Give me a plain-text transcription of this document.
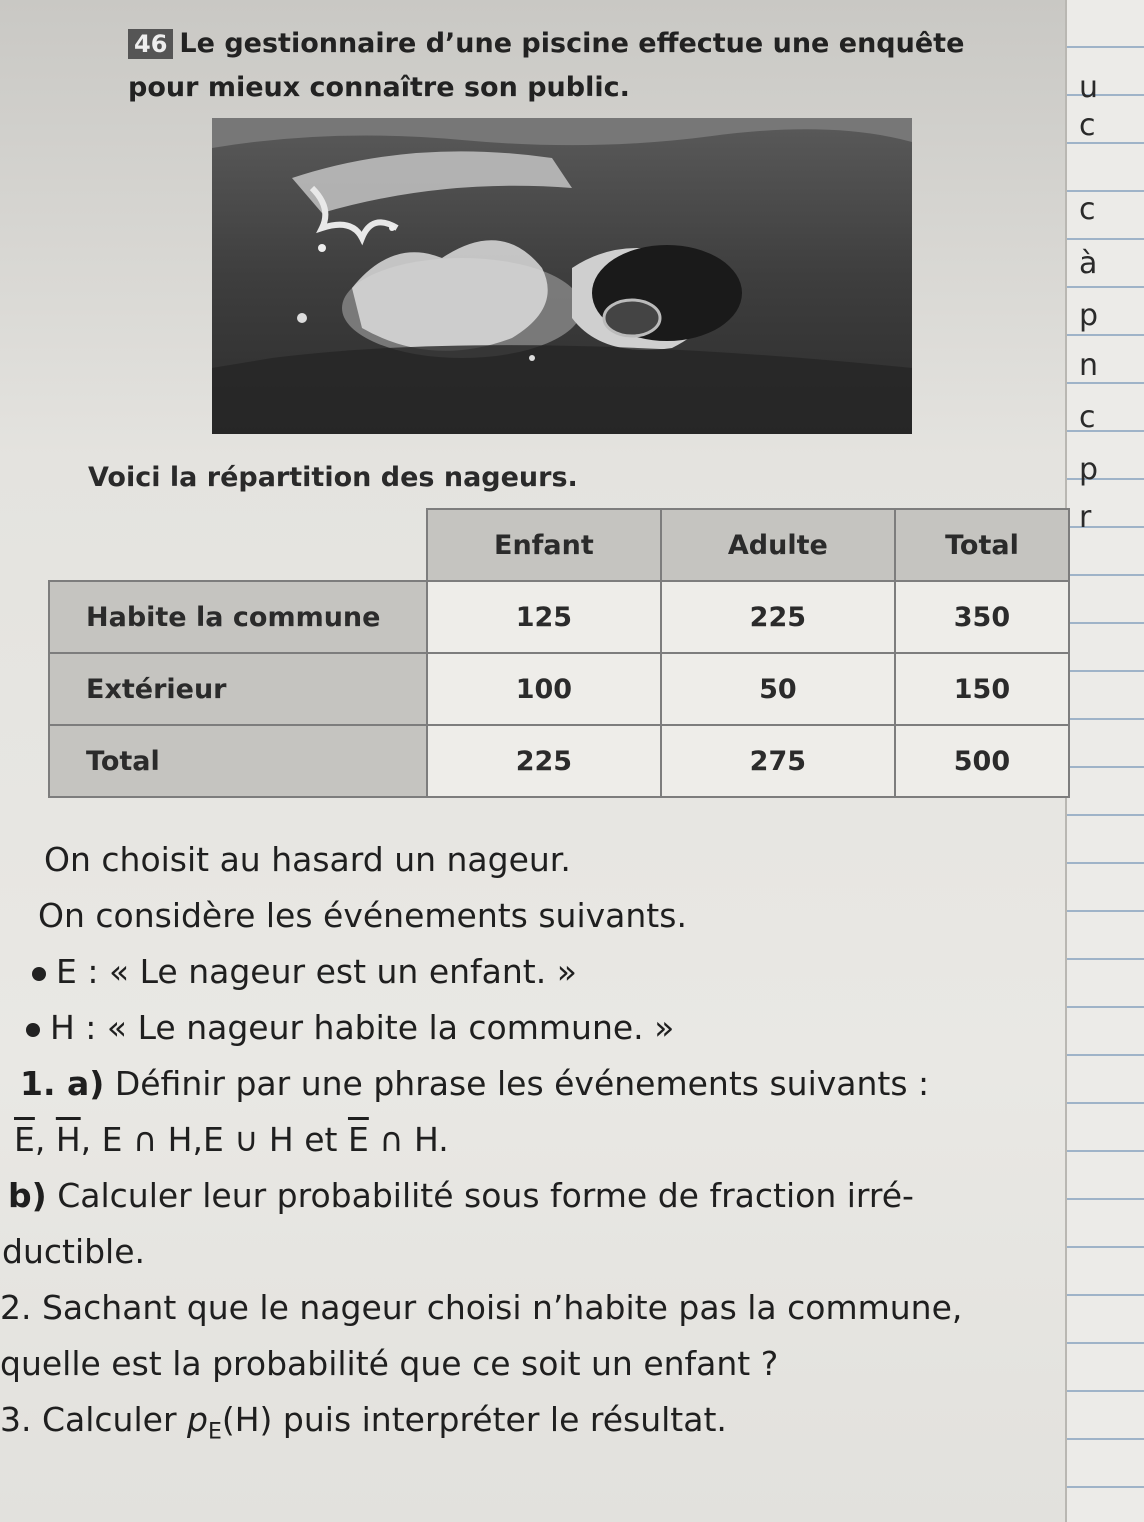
u
c
c
à
p
n
c
p
r
46 Le gestionnaire d’une piscine effectue une enquête
pour mieux connaître son public.
Voici la répartition des nageurs.
	Enfant	Adulte	Total
Habite la commune	125	225	350
Extérieur	100	50	150
Total	225	275	500

On choisit au hasard un nageur.

On considère les événements suivants.

E : « Le nageur est un enfant. »

H : « Le nageur habite la commune. »

1. a) Définir par une phrase les événements suivants :

$\overline{E}$, $\overline{H}$, E ∩ H,E ∪ H et $\overline{E}$ ∩ H.

b) Calculer leur probabilité sous forme de fraction irré-

ductible.

2. Sachant que le nageur choisi n’habite pas la commune,

quelle est la probabilité que ce soit un enfant ?

3. Calculer $p_E(H)$ puis interpréter le résultat.
